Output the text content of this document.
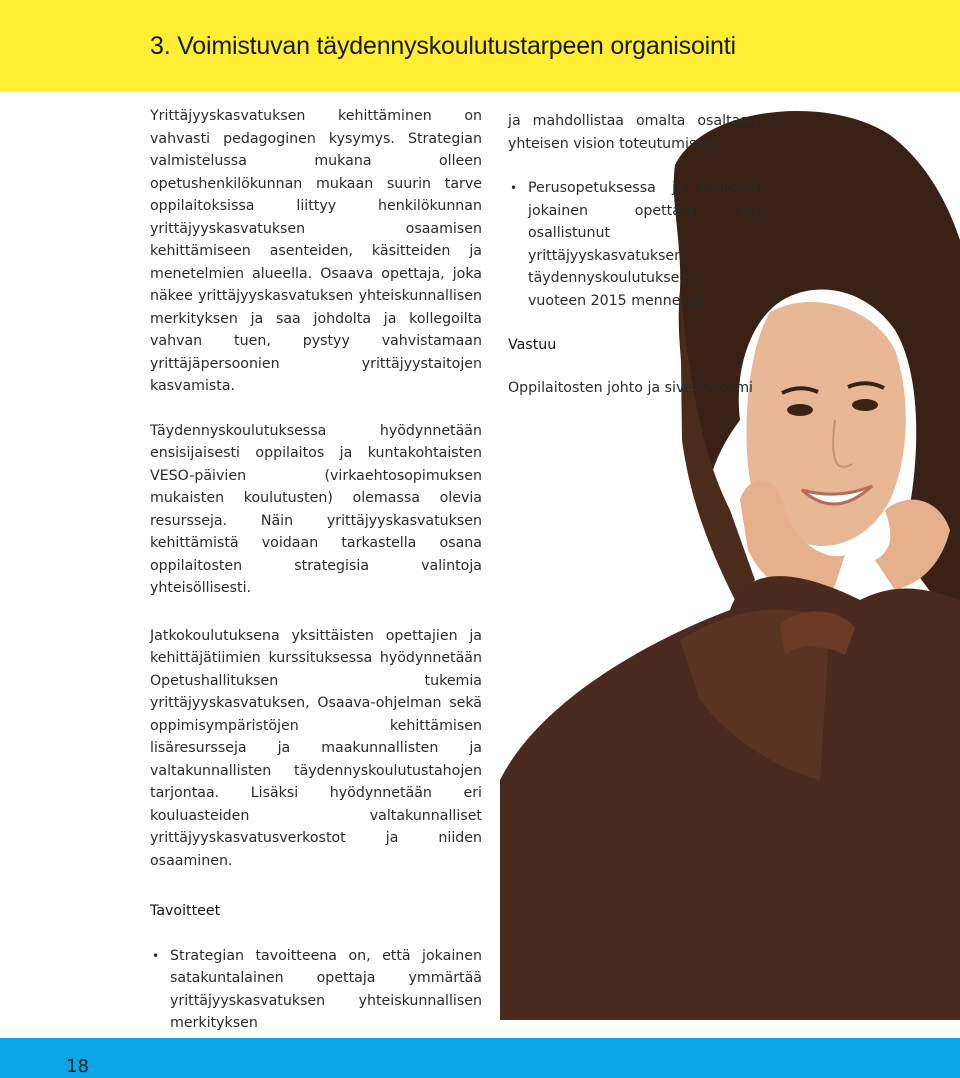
3. Voimistuvan täydennyskoulutustarpeen organisointi

Yrittäjyyskasvatuksen kehittäminen on vahvasti pedagoginen kysymys. Strategian valmistelussa mukana olleen opetushenkilökunnan mukaan suurin tarve oppilaitoksissa liittyy henkilökunnan yrittäjyyskasvatuksen osaamisen kehittämiseen asenteiden, käsitteiden ja menetelmien alueella. Osaava opettaja, joka näkee yrittäjyyskasvatuksen yhteiskunnallisen merkityksen ja saa johdolta ja kollegoilta vahvan tuen, pystyy vahvistamaan yrittäjäpersoonien yrittäjyystaitojen kasvamista.

Täydennyskoulutuksessa hyödynnetään ensisijaisesti oppilaitos ja kuntakohtaisten VESO-päivien (virkaehtosopimuksen mukaisten koulutusten) olemassa olevia resursseja. Näin yrittäjyyskasvatuksen kehittämistä voidaan tarkastella osana oppilaitosten strategisia valintoja yhteisöllisesti.

Jatkokoulutuksena yksittäisten opettajien ja kehittäjätiimien kurssituksessa hyödynnetään Opetushallituksen tukemia yrittäjyyskasvatuksen, Osaava-ohjelman sekä oppimisympäristöjen kehittämisen lisäresursseja ja maakunnallisten ja valtakunnallisten täydennyskoulutustahojen tarjontaa. Lisäksi hyödynnetään eri kouluasteiden valtakunnalliset yrittäjyyskasvatusverkostot ja niiden osaaminen.

Tavoitteet

• Strategian tavoitteena on, että jokainen satakuntalainen opettaja ymmärtää yrittäjyyskasvatuksen yhteiskunnallisen merkityksen

ja mahdollistaa omalta osaltaan yhteisen vision toteutumisen

• Perusopetuksessa ja lukiossa jokainen opettaja on osallistunut yrittäjyyskasvatuksen täydennyskoulutukseen vuoteen 2015 mennessä

Vastuu

Oppilaitosten johto ja sivistystoimi

18
